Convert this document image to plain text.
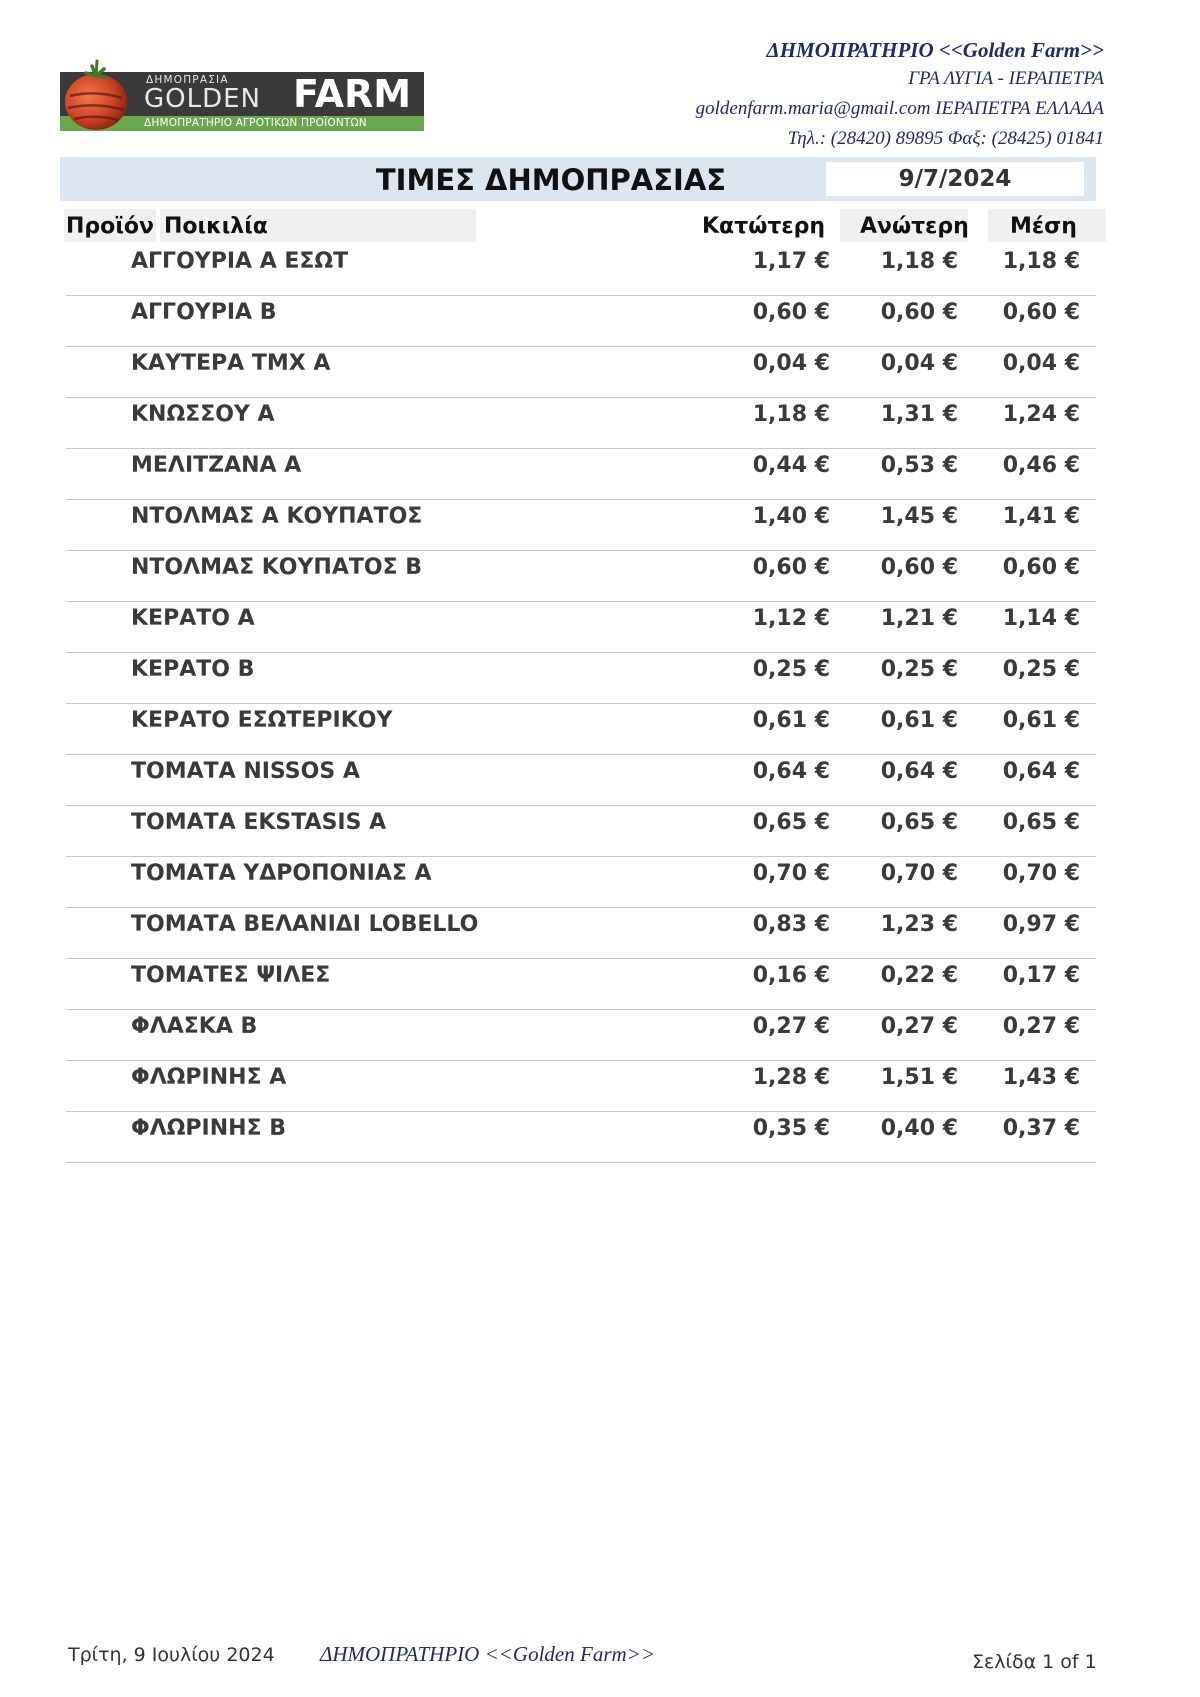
ΔΗΜΟΠΡΑΣΙΑ
GOLDEN FARM
ΔΗΜΟΠΡΑΤΗΡΙΟ ΑΓΡΟΤΙΚΩΝ ΠΡΟΪΟΝΤΩΝ
ΔΗΜΟΠΡΑΤΗΡΙΟ <<Golden Farm>>
ΓΡΑ ΛΥΓΙΑ - ΙΕΡΑΠΕΤΡΑ
goldenfarm.maria@gmail.com ΙΕΡΑΠΕΤΡΑ ΕΛΛΑΔΑ
Τηλ.: (28420) 89895 Φαξ: (28425) 01841
ΤΙΜΕΣ ΔΗΜΟΠΡΑΣΙΑΣ	9/7/2024
Προϊόν Ποικιλία	Κατώτερη Ανώτερη Μέση
ΑΓΓΟΥΡΙΑ Α ΕΣΩΤ	1,17 €	1,18 €	1,18 €
ΑΓΓΟΥΡΙΑ Β	0,60 €	0,60 €	0,60 €
ΚΑΥΤΕΡΑ ΤΜΧ Α	0,04 €	0,04 €	0,04 €
ΚΝΩΣΣΟΥ Α	1,18 €	1,31 €	1,24 €
ΜΕΛΙΤΖΑΝΑ Α	0,44 €	0,53 €	0,46 €
ΝΤΟΛΜΑΣ Α ΚΟΥΠΑΤΟΣ	1,40 €	1,45 €	1,41 €
ΝΤΟΛΜΑΣ ΚΟΥΠΑΤΟΣ Β	0,60 €	0,60 €	0,60 €
ΚΕΡΑΤΟ Α	1,12 €	1,21 €	1,14 €
ΚΕΡΑΤΟ Β	0,25 €	0,25 €	0,25 €
ΚΕΡΑΤΟ ΕΣΩΤΕΡΙΚΟΥ	0,61 €	0,61 €	0,61 €
ΤΟΜΑΤΑ NISSOS Α	0,64 €	0,64 €	0,64 €
ΤΟΜΑΤΑ EKSTASIS Α	0,65 €	0,65 €	0,65 €
ΤΟΜΑΤΑ ΥΔΡΟΠΟΝΙΑΣ Α	0,70 €	0,70 €	0,70 €
ΤΟΜΑΤΑ ΒΕΛΑΝΙΔΙ LOBELLO	0,83 €	1,23 €	0,97 €
ΤΟΜΑΤΕΣ ΨΙΛΕΣ	0,16 €	0,22 €	0,17 €
ΦΛΑΣΚΑ Β	0,27 €	0,27 €	0,27 €
ΦΛΩΡΙΝΗΣ Α	1,28 €	1,51 €	1,43 €
ΦΛΩΡΙΝΗΣ Β	0,35 €	0,40 €	0,37 €
Τρίτη, 9 Ιουλίου 2024 ΔΗΜΟΠΡΑΤΗΡΙΟ <<Golden Farm>>	Σελίδα 1 of 1
